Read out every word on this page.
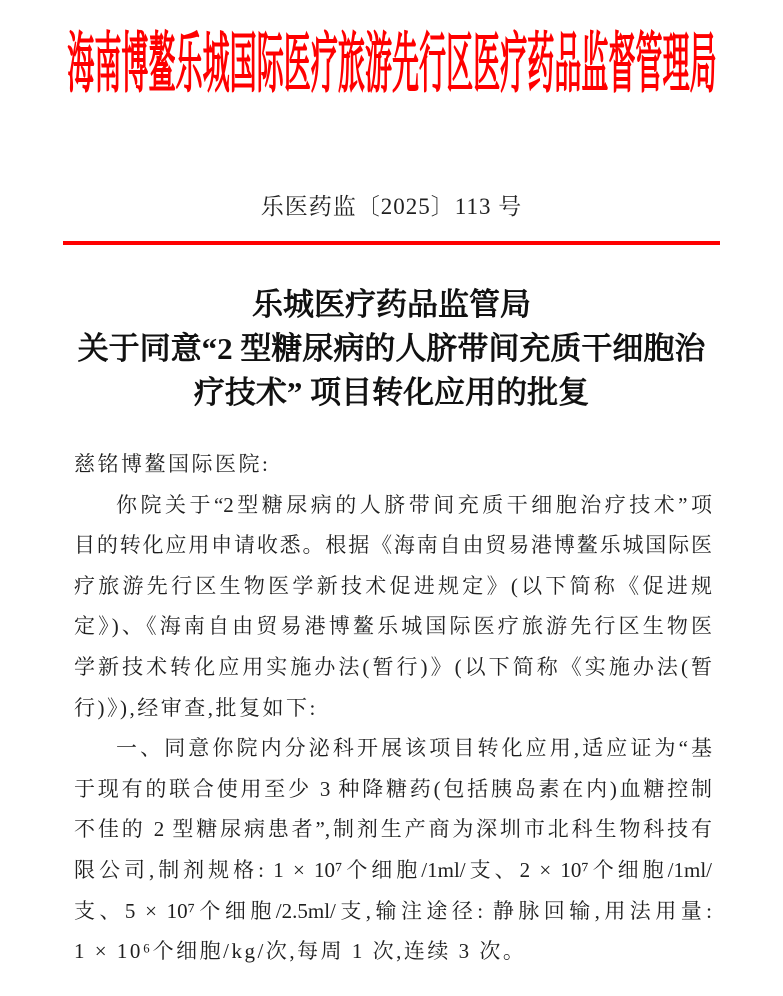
海南博鳌乐城国际医疗旅游先行区医疗药品监督管理局
乐医药监〔2025〕113 号
乐城医疗药品监管局
关于同意“2 型糖尿病的人脐带间充质干细胞治
疗技术” 项目转化应用的批复
慈铭博鳌国际医院:
你院关于“2型糖尿病的人脐带间充质干细胞治疗技术”项
目的转化应用申请收悉。根据《海南自由贸易港博鳌乐城国际医
疗旅游先行区生物医学新技术促进规定》(以下简称《促进规
定》)、《海南自由贸易港博鳌乐城国际医疗旅游先行区生物医
学新技术转化应用实施办法(暂行)》(以下简称《实施办法(暂
行)》),经审查,批复如下:
一、同意你院内分泌科开展该项目转化应用,适应证为“基
于现有的联合使用至少 3 种降糖药(包括胰岛素在内)血糖控制
不佳的 2 型糖尿病患者”,制剂生产商为深圳市北科生物科技有
限公司,制剂规格: 1 × 10⁷个细胞/1ml/支、2 × 10⁷个细胞/1ml/
支、5 × 10⁷个细胞/2.5ml/支,输注途径: 静脉回输,用法用量:
1 × 10⁶个细胞/kg/次,每周 1 次,连续 3 次。
